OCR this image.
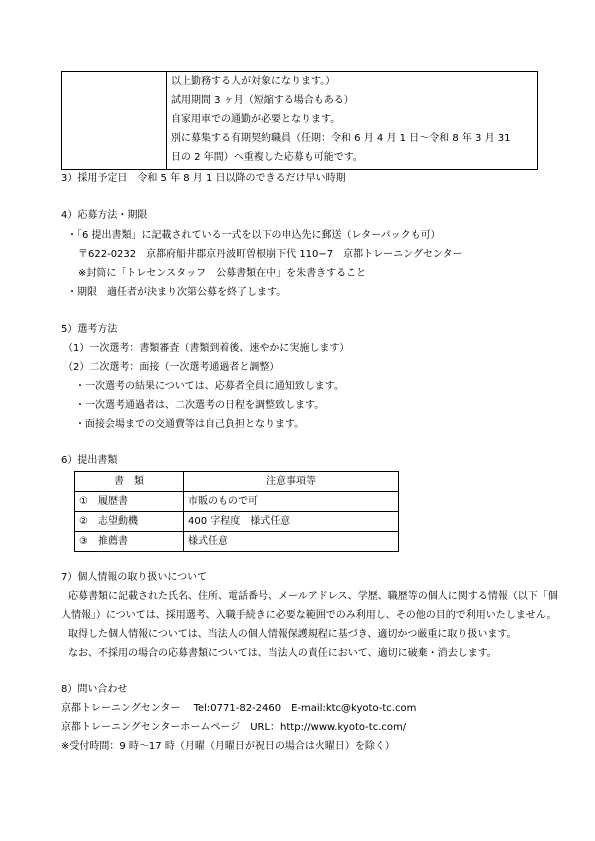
以上勤務する人が対象になります。）
試用期間 3 ヶ月（短縮する場合もある）
自家用車での通勤が必要となります。
別に募集する有期契約職員（任期：令和 6 月 4 月 1 日～令和 8 年 3 月 31
日の 2 年間）へ重複した応募も可能です。
3）採用予定日　令和 5 年 8 月 1 日以降のできるだけ早い時期
4）応募方法・期限
・「6 提出書類」に記載されている一式を以下の申込先に郵送（レターパックも可）
〒622-0232　京都府船井郡京丹波町曽根崩下代 110−7　京都トレーニングセンター
※封筒に「トレセンスタッフ　公募書類在中」を朱書きすること
・期限　適任者が決まり次第公募を終了します。
5）選考方法
（1）一次選考：書類審査（書類到着後、速やかに実施します）
（2）二次選考：面接（一次選考通過者と調整）
・一次選考の結果については、応募者全員に通知致します。
・一次選考通過者は、二次選考の日程を調整致します。
・面接会場までの交通費等は自己負担となります。
6）提出書類
書　類	注意事項等
①　履歴書	市販のもので可
②　志望動機	400 字程度　様式任意
③　推薦書	様式任意
7）個人情報の取り扱いについて
応募書類に記載された氏名、住所、電話番号、メールアドレス、学歴、職歴等の個人に関する情報（以下「個
人情報」）については、採用選考、入職手続きに必要な範囲でのみ利用し、その他の目的で利用いたしません。
取得した個人情報については、当法人の個人情報保護規程に基づき、適切かつ厳重に取り扱います。
なお、不採用の場合の応募書類については、当法人の責任において、適切に破棄・消去します。
8）問い合わせ
京都トレーニングセンター　 Tel:0771-82-2460　E-mail:ktc@kyoto-tc.com
京都トレーニングセンターホームページ　URL：http://www.kyoto-tc.com/
※受付時間：9 時～17 時（月曜（月曜日が祝日の場合は火曜日）を除く）
